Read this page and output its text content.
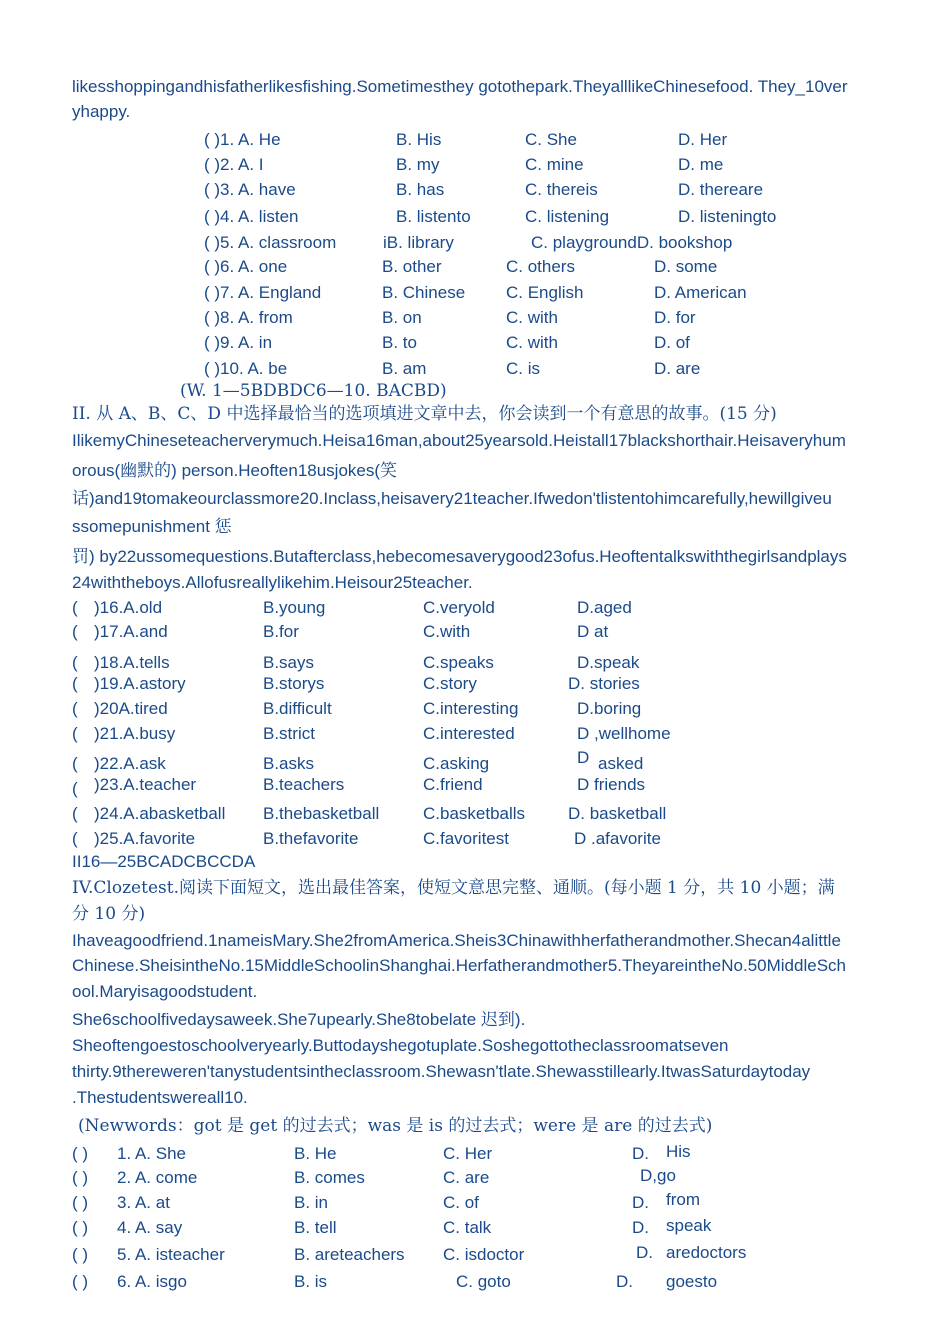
likesshoppingandhisfatherlikesfishing.Sometimesthey gotothepark.TheyalllikeChinesefood. They_10ver
yhappy.
( )1. A. He	B. His	C. She	D. Her
( )2. A. I	B. my	C. mine	D. me
( )3. A. have	B. has	C. thereis	D. thereare
( )4. A. listen	B. listento	C. listening	D. listeningto
( )5. A. classroom	iB. library	C. playgroundD. bookshop
( )6. A. one	B. other	C. others	D. some
( )7. A. England	B. Chinese C. English	D. American
( )8. A. from	B. on	C. with	D. for
( )9. A. in	B. to	C. with	D. of
( )10. A. be	B. am	C. is	D. are
(W. 1—5BDBDC6—10. BACBD)
II. 从 A、B、C、D 中选择最恰当的选项填进文章中去，你会读到一个有意思的故事。(15 分)
IlikemyChineseteacherverymuch.Heisa16man,about25yearsold.Heistall17blackshorthair.Heisaveryhum
orous(幽默的) person.Heoften18usjokes(笑
话)and19tomakeourclassmore20.Inclass,heisavery21teacher.Ifwedon'tlistentohimcarefully,hewillgiveu
ssomepunishment 惩
罚) by22ussomequestions.Butafterclass,hebecomesaverygood23ofus.Heoftentalkswiththegirlsandplays
24withtheboys.Allofusreallylikehim.Heisour25teacher.
( )16.A.old	B.young	C.veryold	D.aged
( )17.A.and	B.for	C.with	D at
( )18.A.tells	B.says	C.speaks	D.speak
( )19.A.astory	B.storys	C.story	D. stories
( )20A.tired	B.difficult	C.interesting	D.boring
( )21.A.busy	B.strict	C.interested	D ,wellhome
( )22.A.ask	B.asks	C.asking	D asked
( )23.A.teacher	B.teachers	C.friend	D friends
( )24.A.abasketball B.thebasketball	C.basketballs	D. basketball
( )25.A.favorite	B.thefavorite	C.favoritest	D .afavorite
II16—25BCADCBCCDA
IV.Clozetest.阅读下面短文，选出最佳答案，使短文意思完整、通顺。(每小题 1 分，共 10 小题；满
分 10 分)
Ihaveagoodfriend.1nameisMary.She2fromAmerica.Sheis3Chinawithherfatherandmother.Shecan4alittle
Chinese.SheisintheNo.15MiddleSchoolinShanghai.Herfatherandmother5.TheyareintheNo.50MiddleSch
ool.Maryisagoodstudent.
She6schoolfivedaysaweek.She7upearly.She8tobelate 迟到).
Sheoftengoestoschoolveryearly.Buttodayshegotuplate.Soshegottotheclassroomatseven
thirty.9thereweren'tanystudentsintheclassroom.Shewasn'tlate.Shewasstillearly.ItwasSaturdaytoday
.Thestudentswereall10.
(Newwords：got 是 get 的过去式；was 是 is 的过去式；were 是 are 的过去式)
( ) 1. A. She	B. He	C. Her	D. His
( ) 2. A. come	B. comes	C. are	D,go
( ) 3. A. at	B. in	C. of	D. from
( ) 4. A. say	B. tell	C. talk	D. speak
( ) 5. A. isteacher	B. areteachers C. isdoctor	D. aredoctors
( ) 6. A. isgo	B. is	C. goto	D. goesto
